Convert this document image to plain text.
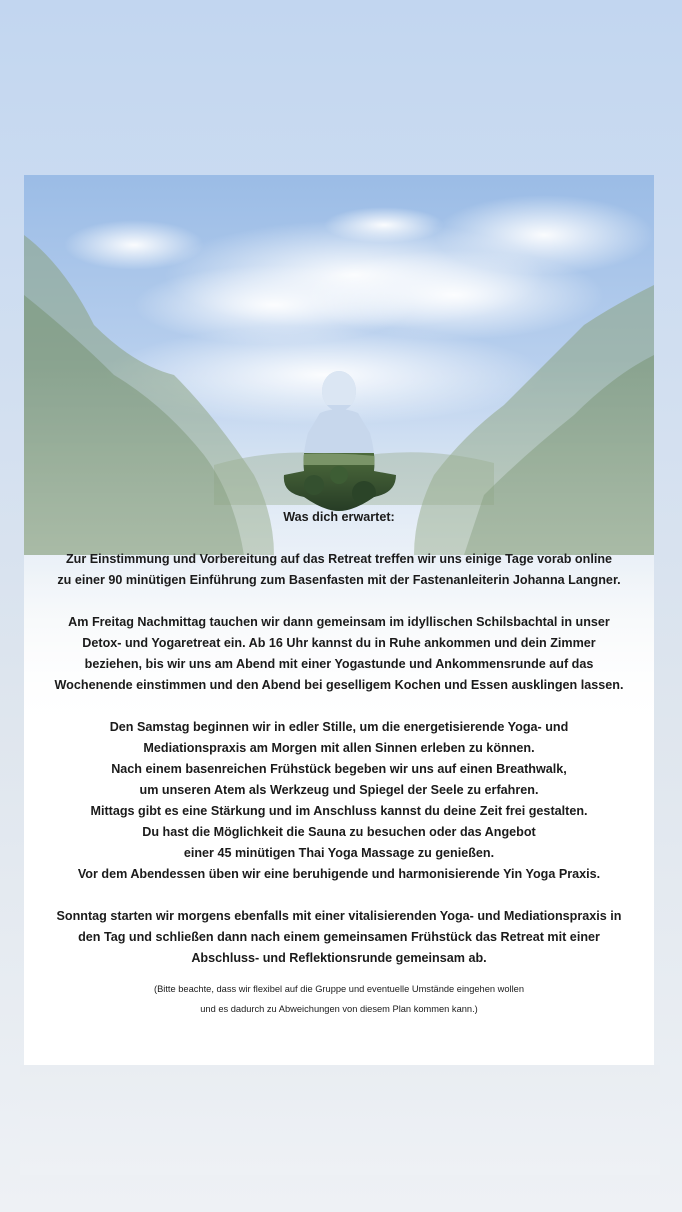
Was dich erwartet:
Zur Einstimmung und Vorbereitung auf das Retreat treffen wir uns einige Tage vorab online
zu einer 90 minütigen Einführung zum Basenfasten mit der Fastenanleiterin Johanna Langner.
Am Freitag Nachmittag tauchen wir dann gemeinsam im idyllischen Schilsbachtal in unser
Detox- und Yogaretreat ein. Ab 16 Uhr kannst du in Ruhe ankommen und dein Zimmer
beziehen, bis wir uns am Abend mit einer Yogastunde und Ankommensrunde auf das
Wochenende einstimmen und den Abend bei geselligem Kochen und Essen ausklingen lassen.
Den Samstag beginnen wir in edler Stille, um die energetisierende Yoga- und
Mediationspraxis am Morgen mit allen Sinnen erleben zu können.
Nach einem basenreichen Frühstück begeben wir uns auf einen Breathwalk,
um unseren Atem als Werkzeug und Spiegel der Seele zu erfahren.
Mittags gibt es eine Stärkung und im Anschluss kannst du deine Zeit frei gestalten.
Du hast die Möglichkeit die Sauna zu besuchen oder das Angebot
einer 45 minütigen Thai Yoga Massage zu genießen.
Vor dem Abendessen üben wir eine beruhigende und harmonisierende Yin Yoga Praxis.
Sonntag starten wir morgens ebenfalls mit einer vitalisierenden Yoga- und Mediationspraxis in
den Tag und schließen dann nach einem gemeinsamen Frühstück das Retreat mit einer
Abschluss- und Reflektionsrunde gemeinsam ab.
(Bitte beachte, dass wir flexibel auf die Gruppe und eventuelle Umstände eingehen wollen
und es dadurch zu Abweichungen von diesem Plan kommen kann.)
